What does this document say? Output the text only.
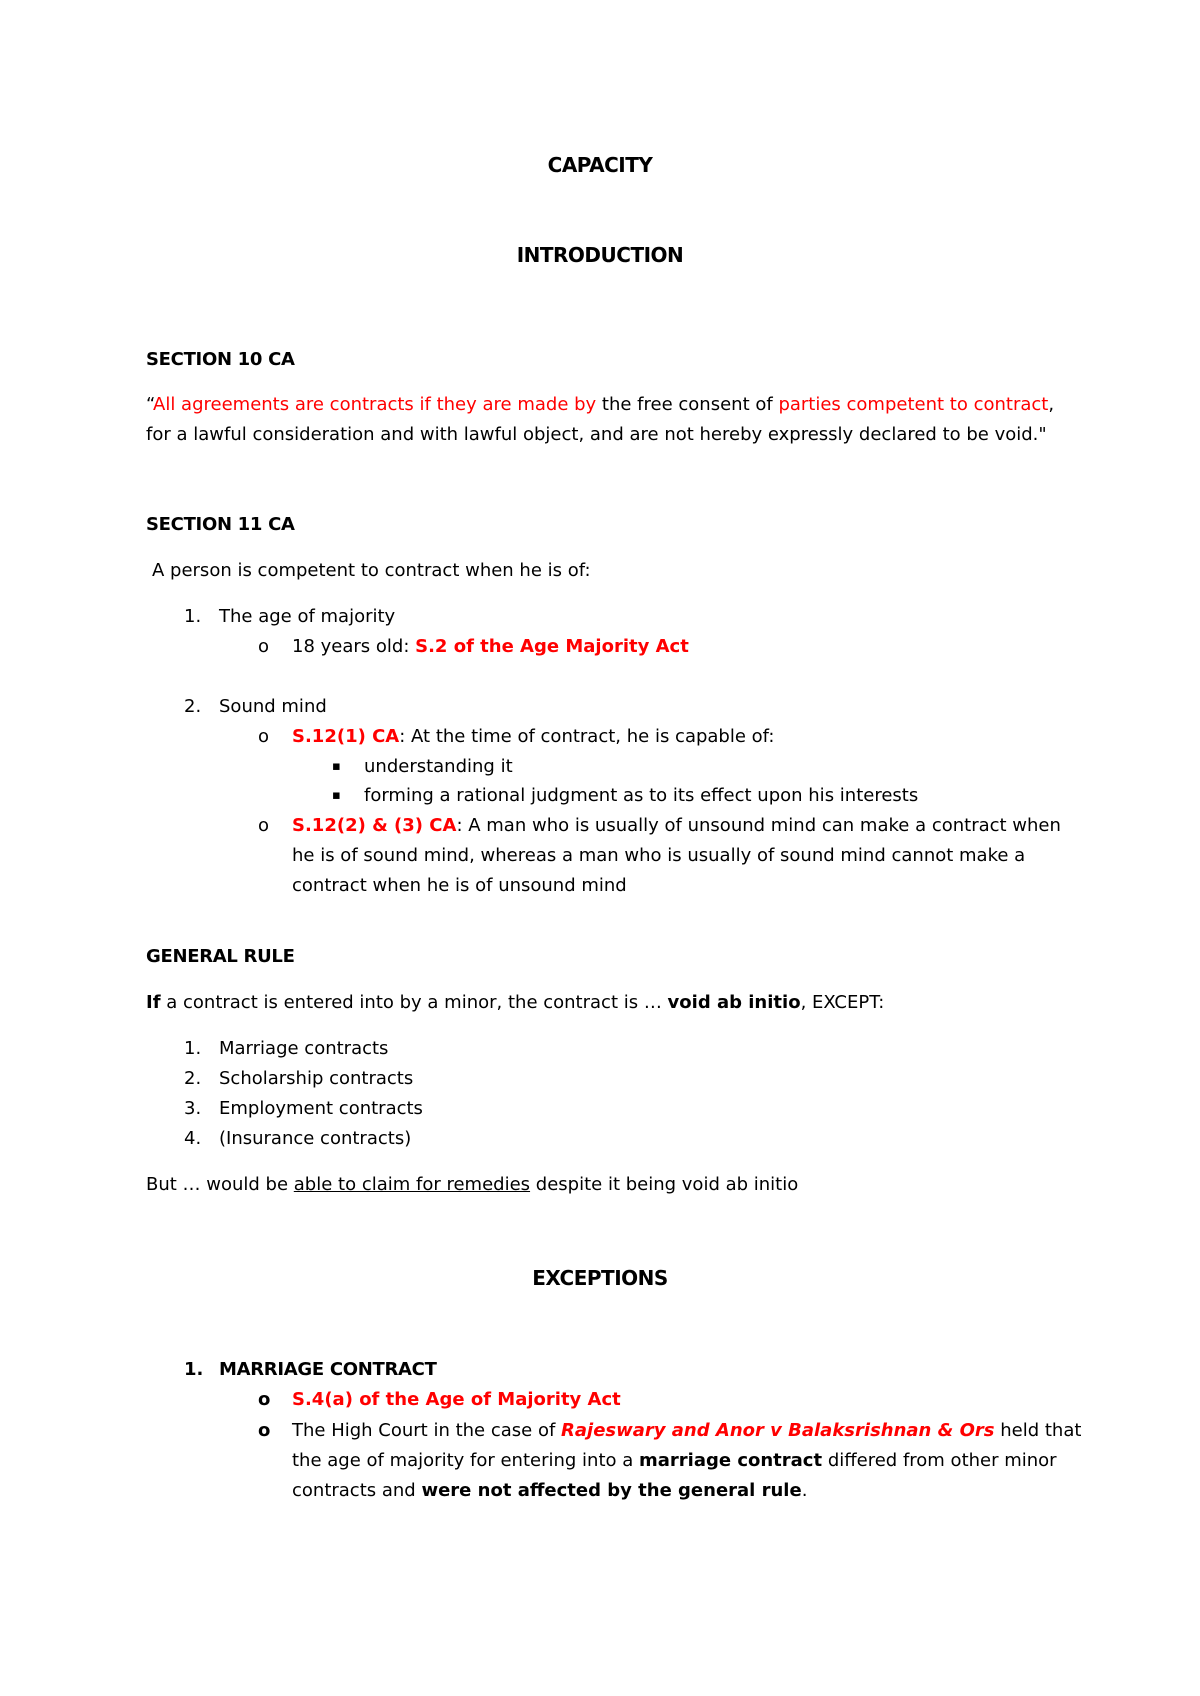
CAPACITY

INTRODUCTION

SECTION 10 CA

“All agreements are contracts if they are made by the free consent of parties competent to contract,

for a lawful consideration and with lawful object, and are not hereby expressly declared to be void."

SECTION 11 CA

A person is competent to contract when he is of:

1. The age of majority

o 18 years old: S.2 of the Age Majority Act

2. Sound mind

o S.12(1) CA: At the time of contract, he is capable of:

▪ understanding it

▪ forming a rational judgment as to its effect upon his interests

o S.12(2) & (3) CA: A man who is usually of unsound mind can make a contract when

he is of sound mind, whereas a man who is usually of sound mind cannot make a

contract when he is of unsound mind

GENERAL RULE

If a contract is entered into by a minor, the contract is … void ab initio, EXCEPT:

1. Marriage contracts

2. Scholarship contracts

3. Employment contracts

4. (Insurance contracts)

But … would be able to claim for remedies despite it being void ab initio

EXCEPTIONS

1. MARRIAGE CONTRACT

o S.4(a) of the Age of Majority Act

o The High Court in the case of Rajeswary and Anor v Balaksrishnan & Ors held that

the age of majority for entering into a marriage contract differed from other minor

contracts and were not affected by the general rule.
